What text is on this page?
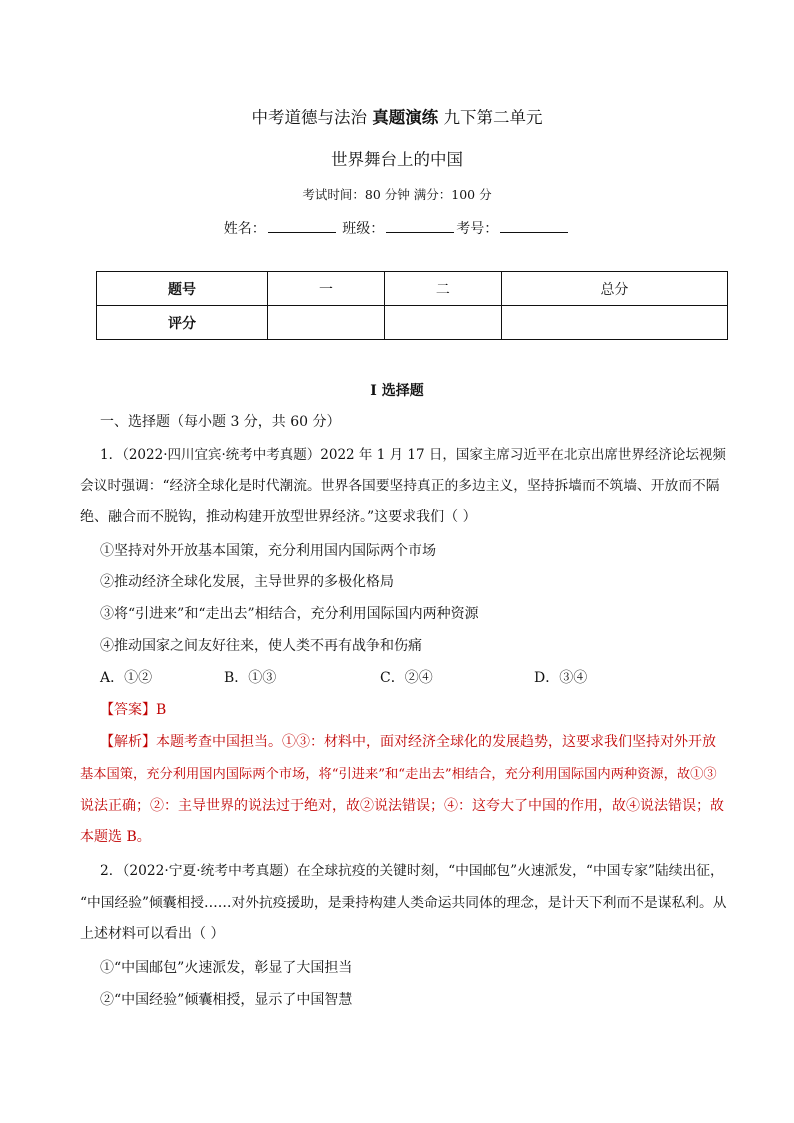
中考道德与法治 真题演练 九下第二单元
世界舞台上的中国
考试时间：80 分钟 满分：100 分
姓名：	班级：	考号：
题号	一	二	总分
评分			
I 选择题
一、选择题（每小题 3 分，共 60 分）
1．（2022·四川宜宾·统考中考真题）2022 年 1 月 17 日，国家主席习近平在北京出席世界经济论坛视频
会议时强调：“经济全球化是时代潮流。世界各国要坚持真正的多边主义，坚持拆墙而不筑墙、开放而不隔
绝、融合而不脱钩，推动构建开放型世界经济。”这要求我们（ ）
①坚持对外开放基本国策，充分利用国内国际两个市场
②推动经济全球化发展，主导世界的多极化格局
③将“引进来”和“走出去”相结合，充分利用国际国内两种资源
④推动国家之间友好往来，使人类不再有战争和伤痛
A．①②	B．①③	C．②④	D．③④
【答案】B
【解析】本题考查中国担当。①③：材料中，面对经济全球化的发展趋势，这要求我们坚持对外开放
基本国策，充分利用国内国际两个市场，将“引进来”和“走出去”相结合，充分利用国际国内两种资源，故①③
说法正确；②：主导世界的说法过于绝对，故②说法错误；④：这夸大了中国的作用，故④说法错误；故
本题选 B。
2．（2022·宁夏·统考中考真题）在全球抗疫的关键时刻，“中国邮包”火速派发，“中国专家”陆续出征，
“中国经验”倾囊相授……对外抗疫援助，是秉持构建人类命运共同体的理念，是计天下利而不是谋私利。从
上述材料可以看出（ ）
①“中国邮包”火速派发，彰显了大国担当
②“中国经验”倾囊相授，显示了中国智慧
